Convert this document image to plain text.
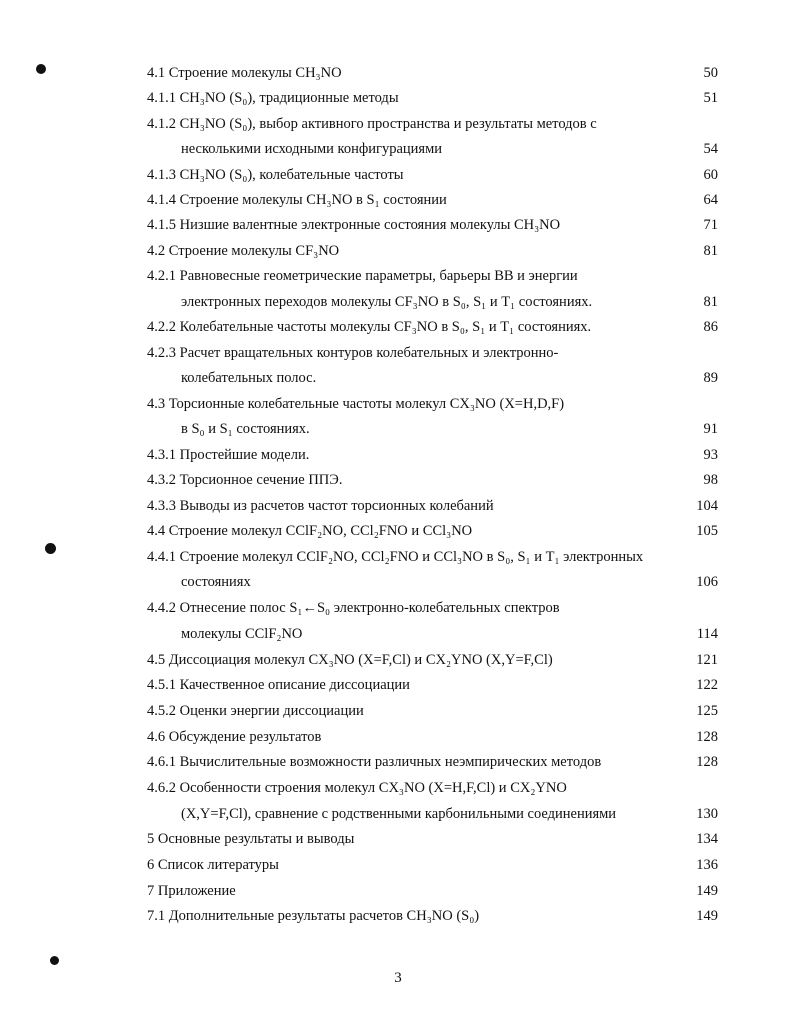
4.1 Строение молекулы CH₃NO	50
4.1.1 CH₃NO (S₀), традиционные методы	51
4.1.2 CH₃NO (S₀), выбор активного пространства и результаты методов с
несколькими исходными конфигурациями	54
4.1.3 CH₃NO (S₀), колебательные частоты	60
4.1.4 Строение молекулы CH₃NO в S₁ состоянии	64
4.1.5 Низшие валентные электронные состояния молекулы CH₃NO	71
4.2 Строение молекулы CF₃NO	81
4.2.1 Равновесные геометрические параметры, барьеры ВВ и энергии
электронных переходов молекулы CF₃NO в S₀, S₁ и T₁ состояниях.	81
4.2.2 Колебательные частоты молекулы CF₃NO в S₀, S₁ и T₁ состояниях.	86
4.2.3 Расчет вращательных контуров колебательных и электронно-
колебательных полос.	89
4.3 Торсионные колебательные частоты молекул CX₃NO (X=H,D,F)
в S₀ и S₁ состояниях.	91
4.3.1 Простейшие модели.	93
4.3.2 Торсионное сечение ППЭ.	98
4.3.3 Выводы из расчетов частот торсионных колебаний	104
4.4 Строение молекул CClF₂NO, CCl₂FNO и CCl₃NO	105
4.4.1 Строение молекул CClF₂NO, CCl₂FNO и CCl₃NO в S₀, S₁ и T₁ электронных
состояниях	106
4.4.2 Отнесение полос S₁←S₀ электронно-колебательных спектров
молекулы CClF₂NO	114
4.5 Диссоциация молекул CX₃NO (X=F,Cl) и CX₂YNO (X,Y=F,Cl)	121
4.5.1 Качественное описание диссоциации	122
4.5.2 Оценки энергии диссоциации	125
4.6 Обсуждение результатов	128
4.6.1 Вычислительные возможности различных неэмпирических методов	128
4.6.2 Особенности строения молекул CX₃NO (X=H,F,Cl) и CX₂YNO
(X,Y=F,Cl), сравнение с родственными карбонильными соединениями	130
5 Основные результаты и выводы	134
6 Список литературы	136
7 Приложение	149
7.1 Дополнительные результаты расчетов CH₃NO (S₀)	149
3
